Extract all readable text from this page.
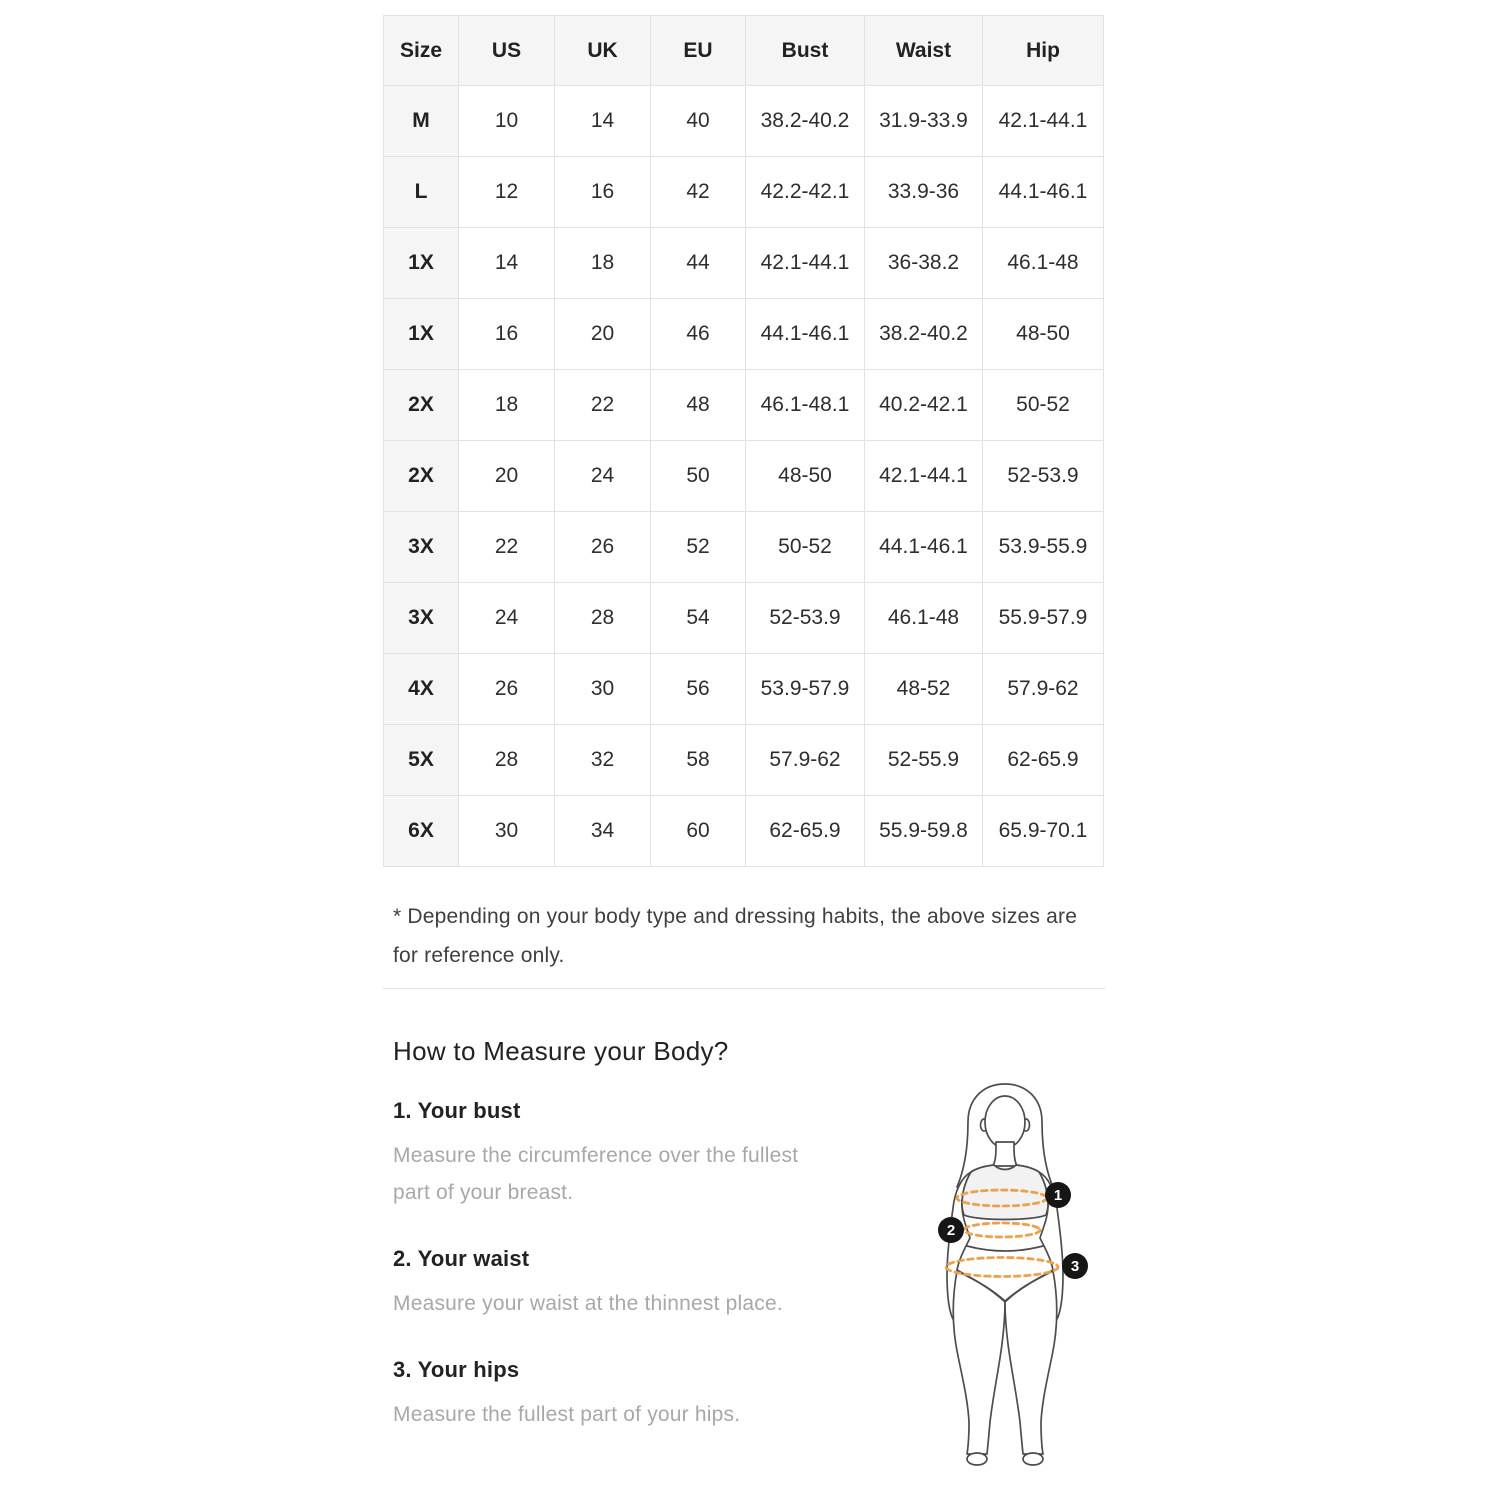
Size	US	UK	EU	Bust	Waist	Hip
M	10	14	40	38.2-40.2	31.9-33.9	42.1-44.1
L	12	16	42	42.2-42.1	33.9-36	44.1-46.1
1X	14	18	44	42.1-44.1	36-38.2	46.1-48
1X	16	20	46	44.1-46.1	38.2-40.2	48-50
2X	18	22	48	46.1-48.1	40.2-42.1	50-52
2X	20	24	50	48-50	42.1-44.1	52-53.9
3X	22	26	52	50-52	44.1-46.1	53.9-55.9
3X	24	28	54	52-53.9	46.1-48	55.9-57.9
4X	26	30	56	53.9-57.9	48-52	57.9-62
5X	28	32	58	57.9-62	52-55.9	62-65.9
6X	30	34	60	62-65.9	55.9-59.8	65.9-70.1
* Depending on your body type and dressing habits, the above sizes are for reference only.
How to Measure your Body?
1. Your bust
Measure the circumference over the fullest part of your breast.
2. Your waist
Measure your waist at the thinnest place.
3. Your hips
Measure the fullest part of your hips.
1
2
3
